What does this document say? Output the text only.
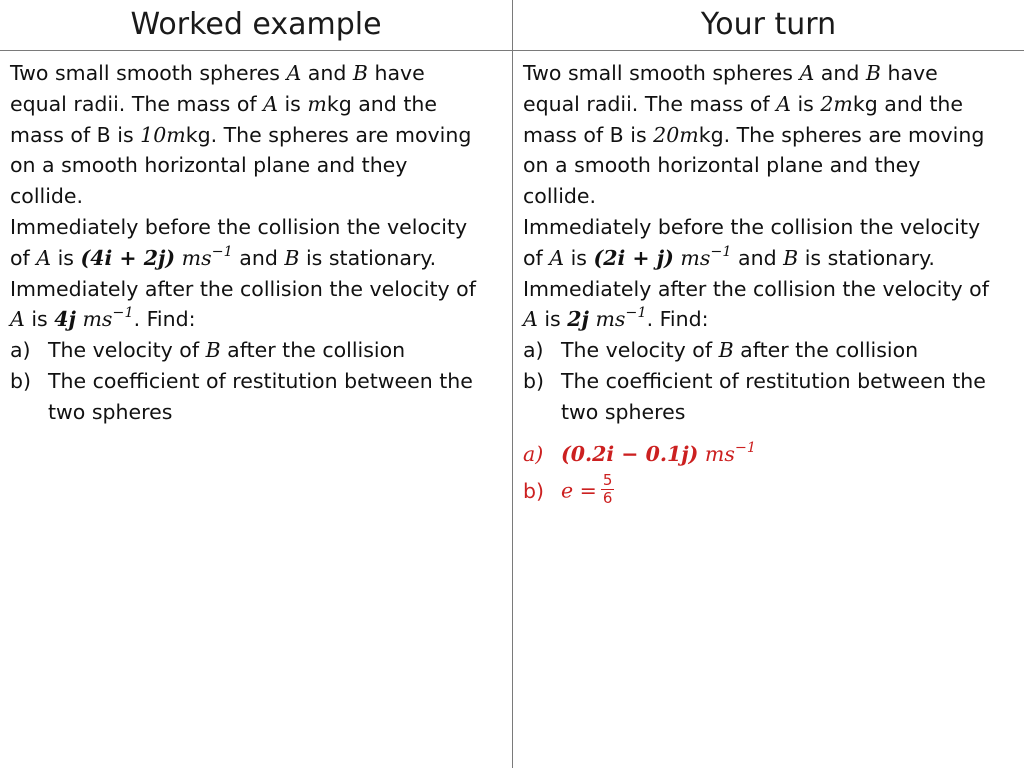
Worked example	Your turn
Two small smooth spheres A and B have
equal radii. The mass of A is mkg and the
mass of B is 10mkg. The spheres are moving
on a smooth horizontal plane and they
collide.
Immediately before the collision the velocity
of A is (4i + 2j) $ms^{-1}$ and B is stationary.
Immediately after the collision the velocity of
A is 4j $ms^{-1}$. Find:
a) The velocity of B after the collision
b) The coefficient of restitution between the two spheres
Two small smooth spheres A and B have
equal radii. The mass of A is 2mkg and the
mass of B is 20mkg. The spheres are moving
on a smooth horizontal plane and they
collide.
Immediately before the collision the velocity
of A is (2i + j) $ms^{-1}$ and B is stationary.
Immediately after the collision the velocity of
A is 2j $ms^{-1}$. Find:
a) The velocity of B after the collision
b) The coefficient of restitution between the two spheres
a) (0.2i − 0.1j) $ms^{-1}$
b) $e = \frac{5}{6}$
